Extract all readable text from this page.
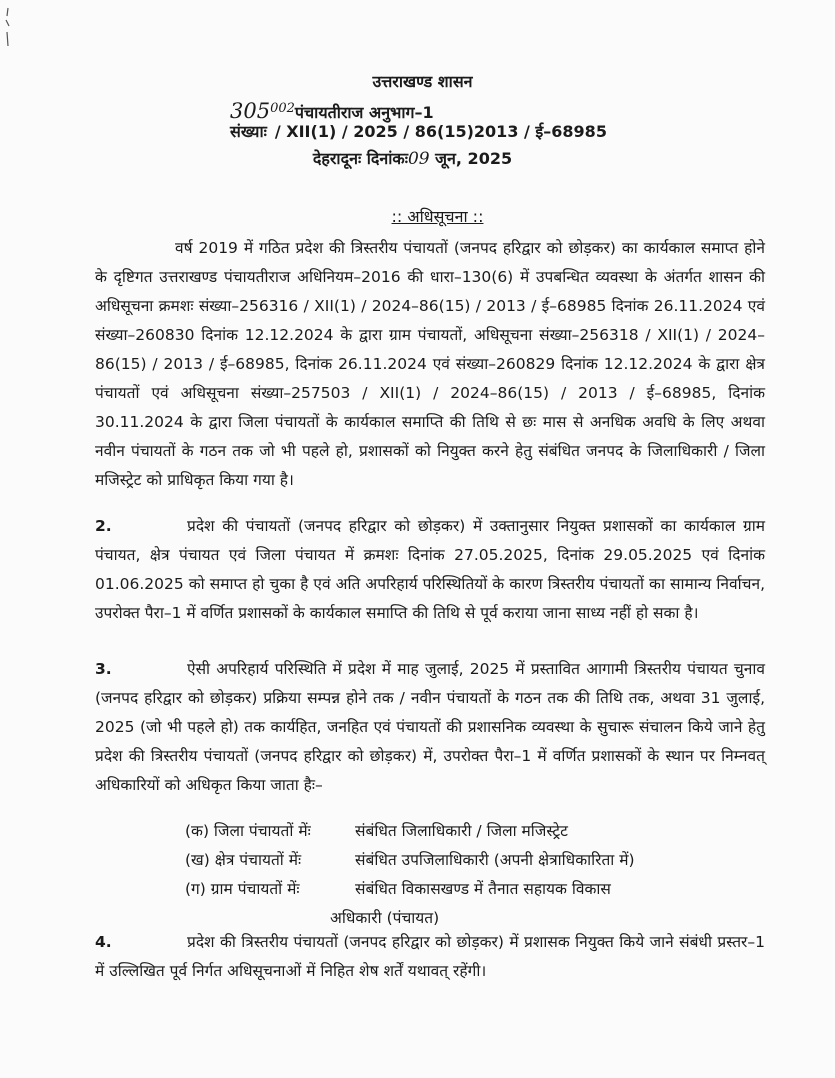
उत्तराखण्ड शासन
$305^{002}पंचायतीराज$ अनुभाग–1
संख्याः / XII(1) / 2025 / 86(15)2013 / ई–68985
देहरादूनः दिनांकः09 जून, 2025
:: अधिसूचना ::
वर्ष 2019 में गठित प्रदेश की त्रिस्तरीय पंचायतों (जनपद हरिद्वार को छोड़कर) का कार्यकाल समाप्त होने के दृष्टिगत उत्तराखण्ड पंचायतीराज अधिनियम–2016 की धारा–130(6) में उपबन्धित व्यवस्था के अंतर्गत शासन की अधिसूचना क्रमशः संख्या–256316 / XII(1) / 2024–86(15) / 2013 / ई–68985 दिनांक 26.11.2024 एवं संख्या–260830 दिनांक 12.12.2024 के द्वारा ग्राम पंचायतों, अधिसूचना संख्या–256318 / XII(1) / 2024–86(15) / 2013 / ई–68985, दिनांक 26.11.2024 एवं संख्या–260829 दिनांक 12.12.2024 के द्वारा क्षेत्र पंचायतों एवं अधिसूचना संख्या–257503 / XII(1) / 2024–86(15) / 2013 / ई–68985, दिनांक 30.11.2024 के द्वारा जिला पंचायतों के कार्यकाल समाप्ति की तिथि से छः मास से अनधिक अवधि के लिए अथवा नवीन पंचायतों के गठन तक जो भी पहले हो, प्रशासकों को नियुक्त करने हेतु संबंधित जनपद के जिलाधिकारी / जिला मजिस्ट्रेट को प्राधिकृत किया गया है।
2.	प्रदेश की पंचायतों (जनपद हरिद्वार को छोड़कर) में उक्तानुसार नियुक्त प्रशासकों का कार्यकाल ग्राम पंचायत, क्षेत्र पंचायत एवं जिला पंचायत में क्रमशः दिनांक 27.05.2025, दिनांक 29.05.2025 एवं दिनांक 01.06.2025 को समाप्त हो चुका है एवं अति अपरिहार्य परिस्थितियों के कारण त्रिस्तरीय पंचायतों का सामान्य निर्वाचन, उपरोक्त पैरा–1 में वर्णित प्रशासकों के कार्यकाल समाप्ति की तिथि से पूर्व कराया जाना साध्य नहीं हो सका है।
3.	ऐसी अपरिहार्य परिस्थिति में प्रदेश में माह जुलाई, 2025 में प्रस्तावित आगामी त्रिस्तरीय पंचायत चुनाव (जनपद हरिद्वार को छोड़कर) प्रक्रिया सम्पन्न होने तक / नवीन पंचायतों के गठन तक की तिथि तक, अथवा 31 जुलाई, 2025 (जो भी पहले हो) तक कार्यहित, जनहित एवं पंचायतों की प्रशासनिक व्यवस्था के सुचारू संचालन किये जाने हेतु प्रदेश की त्रिस्तरीय पंचायतों (जनपद हरिद्वार को छोड़कर) में, उपरोक्त पैरा–1 में वर्णित प्रशासकों के स्थान पर निम्नवत् अधिकारियों को अधिकृत किया जाता हैः–
(क) जिला पंचायतों मेंः	संबंधित जिलाधिकारी / जिला मजिस्ट्रेट
(ख) क्षेत्र पंचायतों मेंः	संबंधित उपजिलाधिकारी (अपनी क्षेत्राधिकारिता में)
(ग) ग्राम पंचायतों मेंः	संबंधित विकासखण्ड में तैनात सहायक विकास
अधिकारी (पंचायत)
4.	प्रदेश की त्रिस्तरीय पंचायतों (जनपद हरिद्वार को छोड़कर) में प्रशासक नियुक्त किये जाने संबंधी प्रस्तर–1 में उल्लिखित पूर्व निर्गत अधिसूचनाओं में निहित शेष शर्तें यथावत् रहेंगी।
